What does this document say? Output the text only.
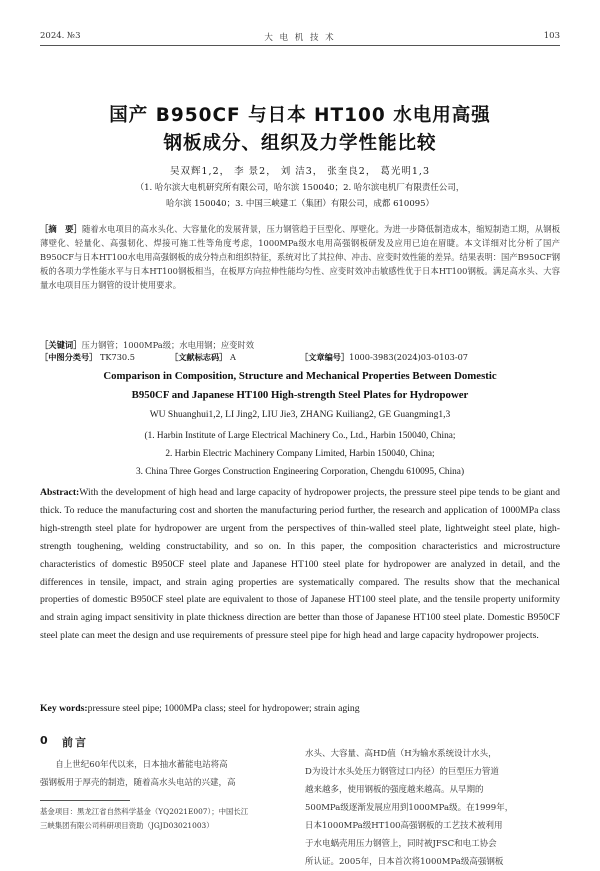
2024. №3	大 电 机 技 术	103
国产 B950CF 与日本 HT100 水电用高强
钢板成分、组织及力学性能比较
吴双辉1,2， 李 景2， 刘 洁3， 张奎良2， 葛光明1,3
（1. 哈尔滨大电机研究所有限公司，哈尔滨 150040；2. 哈尔滨电机厂有限责任公司，
哈尔滨 150040；3. 中国三峡建工（集团）有限公司，成都 610095）
［摘　要］随着水电项目的高水头化、大容量化的发展背景，压力钢管趋于巨型化、厚壁化。为进一步降低制造成本，缩短制造工期，从钢板薄壁化、轻量化、高强韧化、焊接可施工性等角度考虑，1000MPa级水电用高强钢板研发及应用已迫在眉睫。本文详细对比分析了国产B950CF与日本HT100水电用高强钢板的成分特点和组织特征，系统对比了其拉伸、冲击、应变时效性能的差异。结果表明：国产B950CF钢板的各项力学性能水平与日本HT100钢板相当，在板厚方向拉伸性能均匀性、应变时效冲击敏感性优于日本HT100钢板。满足高水头、大容量水电项目压力钢管的设计使用要求。
［关键词］压力钢管；1000MPa级；水电用钢；应变时效
［中图分类号］ TK730.5	［文献标志码］ A	［文章编号］1000-3983(2024)03-0103-07
Comparison in Composition, Structure and Mechanical Properties Between Domestic
B950CF and Japanese HT100 High-strength Steel Plates for Hydropower
WU Shuanghui1,2, LI Jing2, LIU Jie3, ZHANG Kuiliang2, GE Guangming1,3
(1. Harbin Institute of Large Electrical Machinery Co., Ltd., Harbin 150040, China;
2. Harbin Electric Machinery Company Limited, Harbin 150040, China;
3. China Three Gorges Construction Engineering Corporation, Chengdu 610095, China)
Abstract:With the development of high head and large capacity of hydropower projects, the pressure steel pipe tends to be giant and thick. To reduce the manufacturing cost and shorten the manufacturing period further, the research and application of 1000MPa class high-strength steel plate for hydropower are urgent from the perspectives of thin-walled steel plate, lightweight steel plate, high-strength toughening, welding constructability, and so on. In this paper, the composition characteristics and microstructure characteristics of domestic B950CF steel plate and Japanese HT100 steel plate for hydropower are analyzed in detail, and the differences in tensile, impact, and strain aging properties are systematically compared. The results show that the mechanical properties of domestic B950CF steel plate are equivalent to those of Japanese HT100 steel plate, and the tensile property uniformity and strain aging impact sensitivity in plate thickness direction are better than those of Japanese HT100 steel plate. Domestic B950CF steel plate can meet the design and use requirements of pressure steel pipe for high head and large capacity hydropower projects.
Key words:pressure steel pipe; 1000MPa class; steel for hydropower; strain aging
0 前言
自上世纪60年代以来，日本抽水蓄能电站将高
强钢板用于厚壳的制造，随着高水头电站的兴建，高
基金项目：黑龙江省自然科学基金（YQ2021E007）；中国长江
三峡集团有限公司科研项目资助（JGJD03021003）
水头、大容量、高HD值（H为输水系统设计水头，
D为设计水头处压力钢管过口内径）的巨型压力管道
越来越多，使用钢板的强度越来越高。从早期的
500MPa级逐渐发展应用到1000MPa级。在1999年，
日本1000MPa级HT100高强钢板的工艺技术被利用
于水电蜗壳用压力钢管上，同时被JFSC和电工协会
所认证。2005年，日本首次将1000MPa级高强钢板
